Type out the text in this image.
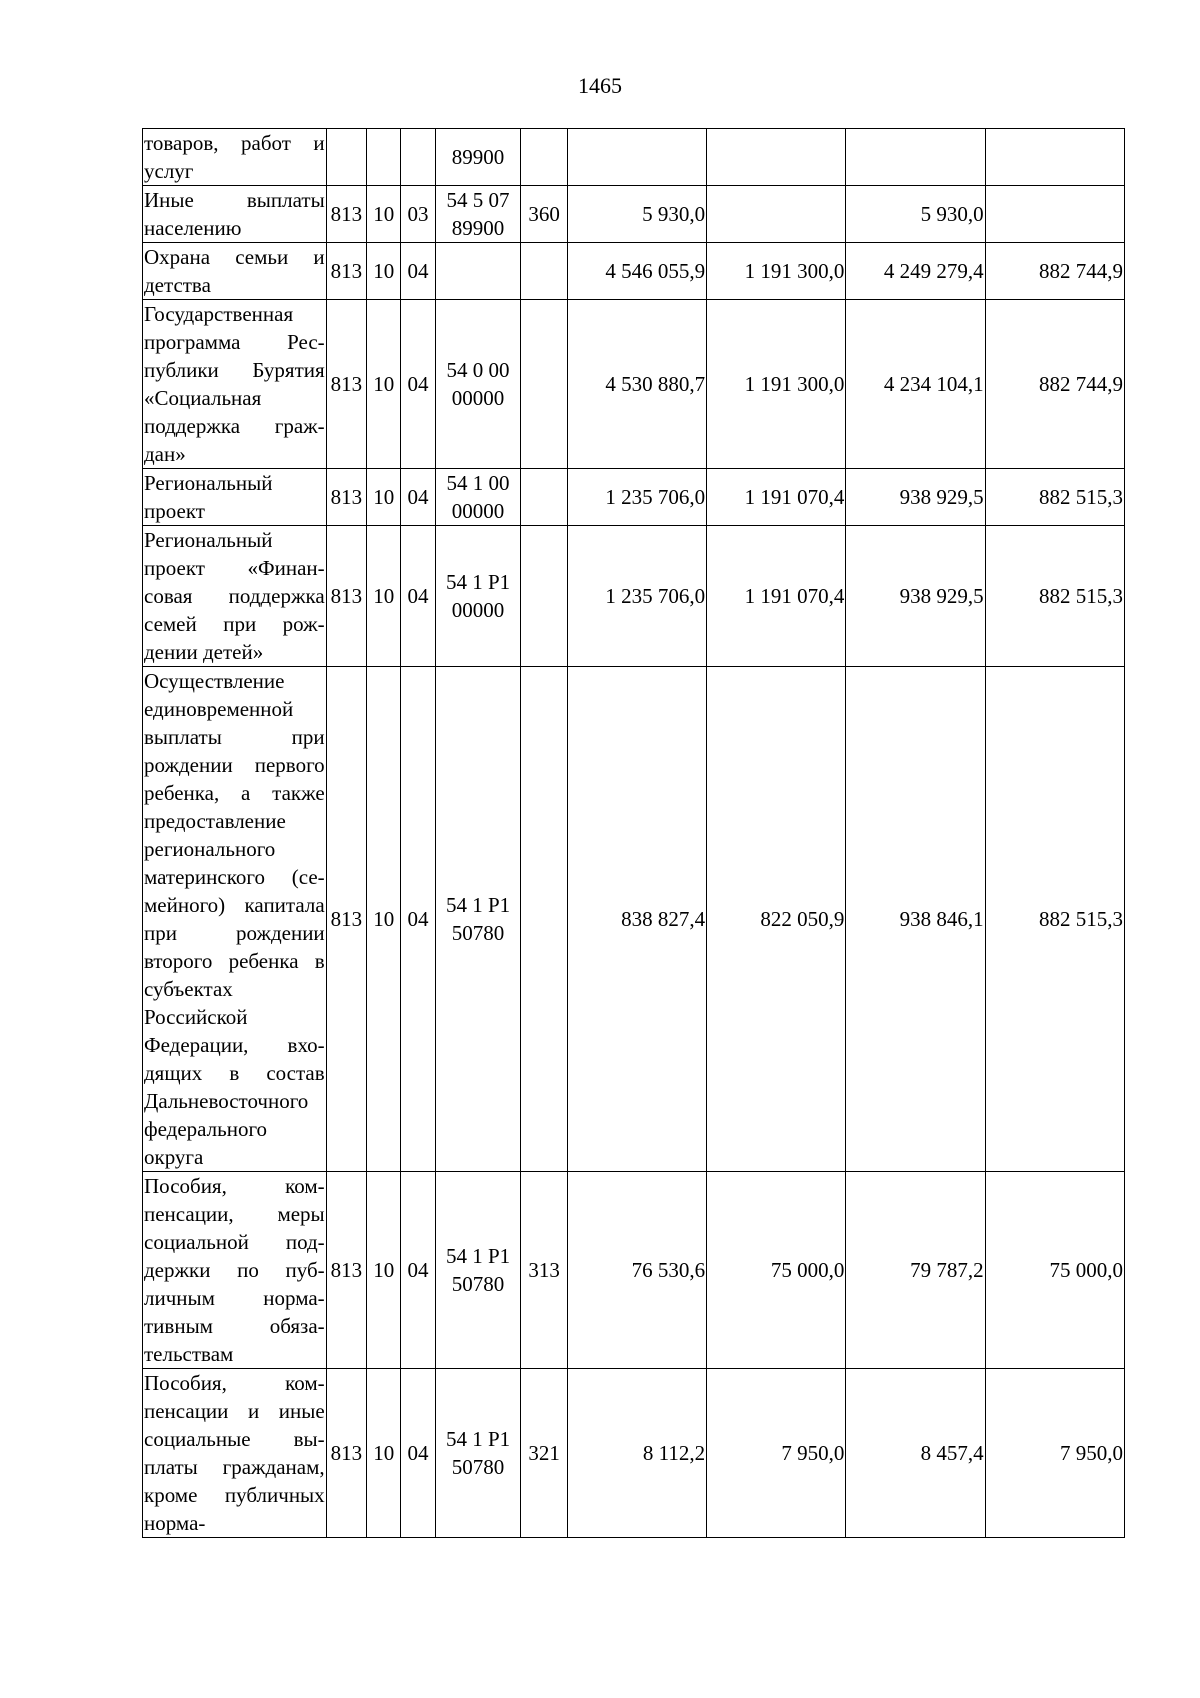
1465
товаров, работ и услуг				89900					
Иные выплаты населению	813	10	03	54 5 07 89900	360	5 930,0		5 930,0	
Охрана семьи и детства	813	10	04			4 546 055,9	1 191 300,0	4 249 279,4	882 744,9
Государственная программа Республики Бурятия «Социальная поддержка граждан»	813	10	04	54 0 00 00000		4 530 880,7	1 191 300,0	4 234 104,1	882 744,9
Региональный проект	813	10	04	54 1 00 00000		1 235 706,0	1 191 070,4	938 929,5	882 515,3
Региональный проект «Финансовая поддержка семей при рождении детей»	813	10	04	54 1 P1 00000		1 235 706,0	1 191 070,4	938 929,5	882 515,3
Осуществление единовременной выплаты при рождении первого ребенка, а также предоставление регионального материнского (семейного) капитала при рождении второго ребенка в субъектах Российской Федерации, входящих в состав Дальневосточного федерального округа	813	10	04	54 1 P1 50780		838 827,4	822 050,9	938 846,1	882 515,3
Пособия, компенсации, меры социальной поддержки по публичным нормативным обязательствам	813	10	04	54 1 P1 50780	313	76 530,6	75 000,0	79 787,2	75 000,0
Пособия, компенсации и иные социальные выплаты гражданам, кроме публичных норма-	813	10	04	54 1 P1 50780	321	8 112,2	7 950,0	8 457,4	7 950,0
